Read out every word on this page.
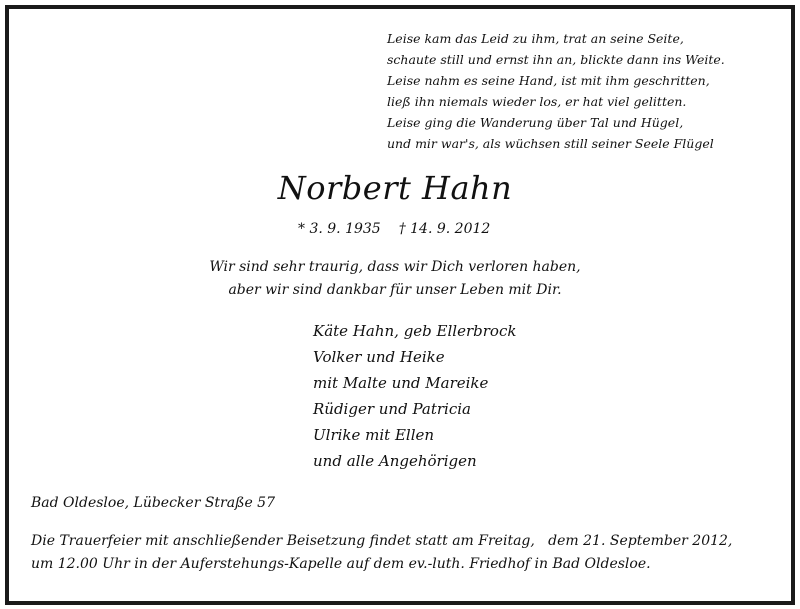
Leise kam das Leid zu ihm, trat an seine Seite,
schaute still und ernst ihn an, blickte dann ins Weite.
Leise nahm es seine Hand, ist mit ihm geschritten,
ließ ihn niemals wieder los, er hat viel gelitten.
Leise ging die Wanderung über Tal und Hügel,
und mir war's, als wüchsen still seiner Seele Flügel
Norbert Hahn
* 3. 9. 1935 † 14. 9. 2012
Wir sind sehr traurig, dass wir Dich verloren haben,
aber wir sind dankbar für unser Leben mit Dir.
Käte Hahn, geb Ellerbrock
Volker und Heike
mit Malte und Mareike
Rüdiger und Patricia
Ulrike mit Ellen
und alle Angehörigen
Bad Oldesloe, Lübecker Straße 57
Die Trauerfeier mit anschließender Beisetzung findet statt am Freitag,   dem 21. September 2012,
um 12.00 Uhr in der Auferstehungs-Kapelle auf dem ev.-luth. Friedhof in Bad Oldesloe.
